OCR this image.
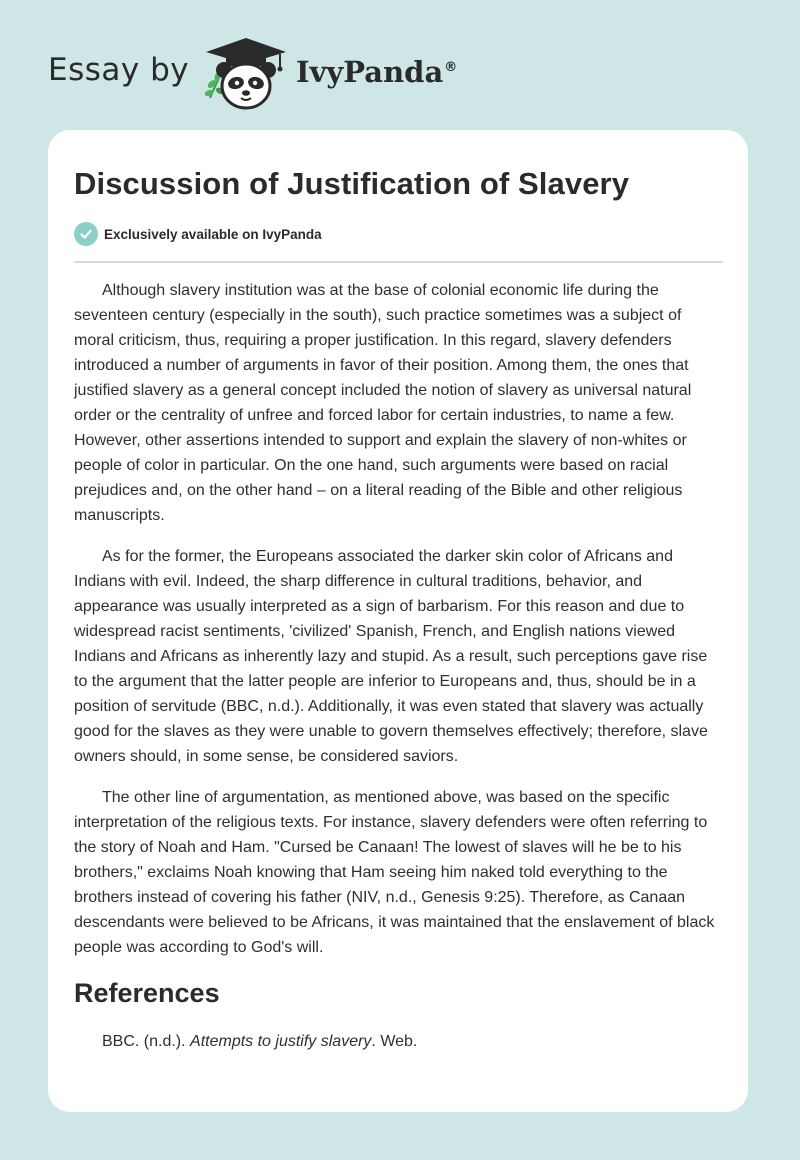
Essay by	IvyPanda®
Discussion of Justification of Slavery
Exclusively available on IvyPanda

Although slavery institution was at the base of colonial economic life during the seventeen century (especially in the south), such practice sometimes was a subject of moral criticism, thus, requiring a proper justification. In this regard, slavery defenders introduced a number of arguments in favor of their position. Among them, the ones that justified slavery as a general concept included the notion of slavery as universal natural order or the centrality of unfree and forced labor for certain industries, to name a few. However, other assertions intended to support and explain the slavery of non-whites or people of color in particular. On the one hand, such arguments were based on racial prejudices and, on the other hand – on a literal reading of the Bible and other religious manuscripts.

As for the former, the Europeans associated the darker skin color of Africans and Indians with evil. Indeed, the sharp difference in cultural traditions, behavior, and appearance was usually interpreted as a sign of barbarism. For this reason and due to widespread racist sentiments, 'civilized' Spanish, French, and English nations viewed Indians and Africans as inherently lazy and stupid. As a result, such perceptions gave rise to the argument that the latter people are inferior to Europeans and, thus, should be in a position of servitude (BBC, n.d.). Additionally, it was even stated that slavery was actually good for the slaves as they were unable to govern themselves effectively; therefore, slave owners should, in some sense, be considered saviors.

The other line of argumentation, as mentioned above, was based on the specific interpretation of the religious texts. For instance, slavery defenders were often referring to the story of Noah and Ham. "Cursed be Canaan! The lowest of slaves will he be to his brothers," exclaims Noah knowing that Ham seeing him naked told everything to the brothers instead of covering his father (NIV, n.d., Genesis 9:25). Therefore, as Canaan descendants were believed to be Africans, it was maintained that the enslavement of black people was according to God's will.

References

BBC. (n.d.). Attempts to justify slavery. Web.
